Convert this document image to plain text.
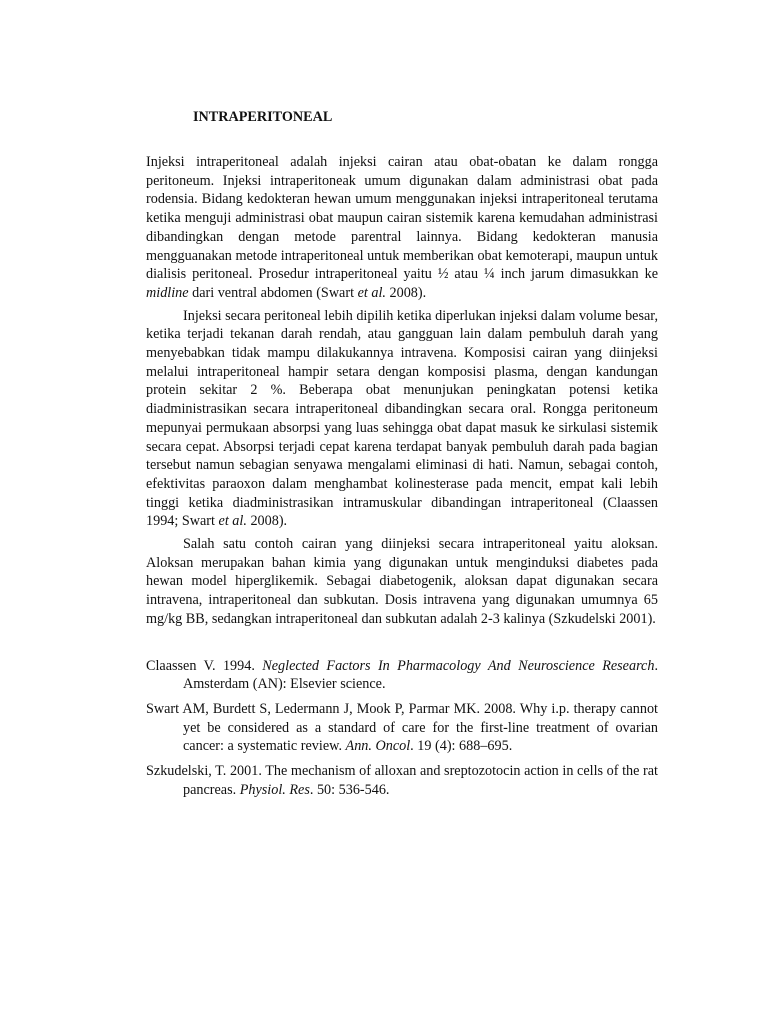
INTRAPERITONEAL

Injeksi intraperitoneal adalah injeksi cairan atau obat-obatan ke dalam rongga peritoneum. Injeksi intraperitoneak umum digunakan dalam administrasi obat pada rodensia. Bidang kedokteran hewan umum menggunakan injeksi intraperitoneal terutama ketika menguji administrasi obat maupun cairan sistemik karena kemudahan administrasi dibandingkan dengan metode parentral lainnya. Bidang kedokteran manusia mengguanakan metode intraperitoneal untuk memberikan obat kemoterapi, maupun untuk dialisis peritoneal. Prosedur intraperitoneal yaitu ½ atau ¼ inch jarum dimasukkan ke midline dari ventral abdomen (Swart et al. 2008).

Injeksi secara peritoneal lebih dipilih ketika diperlukan injeksi dalam volume besar, ketika terjadi tekanan darah rendah, atau gangguan lain dalam pembuluh darah yang menyebabkan tidak mampu dilakukannya intravena. Komposisi cairan yang diinjeksi melalui intraperitoneal hampir setara dengan komposisi plasma, dengan kandungan protein sekitar 2 %. Beberapa obat menunjukan peningkatan potensi ketika diadministrasikan secara intraperitoneal dibandingkan secara oral. Rongga peritoneum mepunyai permukaan absorpsi yang luas sehingga obat dapat masuk ke sirkulasi sistemik secara cepat. Absorpsi terjadi cepat karena terdapat banyak pembuluh darah pada bagian tersebut namun sebagian senyawa mengalami eliminasi di hati. Namun, sebagai contoh, efektivitas paraoxon dalam menghambat kolinesterase pada mencit, empat kali lebih tinggi ketika diadministrasikan intramuskular dibandingan intraperitoneal (Claassen 1994; Swart et al. 2008).

Salah satu contoh cairan yang diinjeksi secara intraperitoneal yaitu aloksan. Aloksan merupakan bahan kimia yang digunakan untuk menginduksi diabetes pada hewan model hiperglikemik. Sebagai diabetogenik, aloksan dapat digunakan secara intravena, intraperitoneal dan subkutan. Dosis intravena yang digunakan umumnya 65 mg/kg BB, sedangkan intraperitoneal dan subkutan adalah 2-3 kalinya (Szkudelski 2001).

Claassen V. 1994. Neglected Factors In Pharmacology And Neuroscience Research. Amsterdam (AN): Elsevier science.

Swart AM, Burdett S, Ledermann J, Mook P, Parmar MK. 2008. Why i.p. therapy cannot yet be considered as a standard of care for the first-line treatment of ovarian cancer: a systematic review. Ann. Oncol. 19 (4): 688–695.

Szkudelski, T. 2001. The mechanism of alloxan and sreptozotocin action in cells of the rat pancreas. Physiol. Res. 50: 536-546.
